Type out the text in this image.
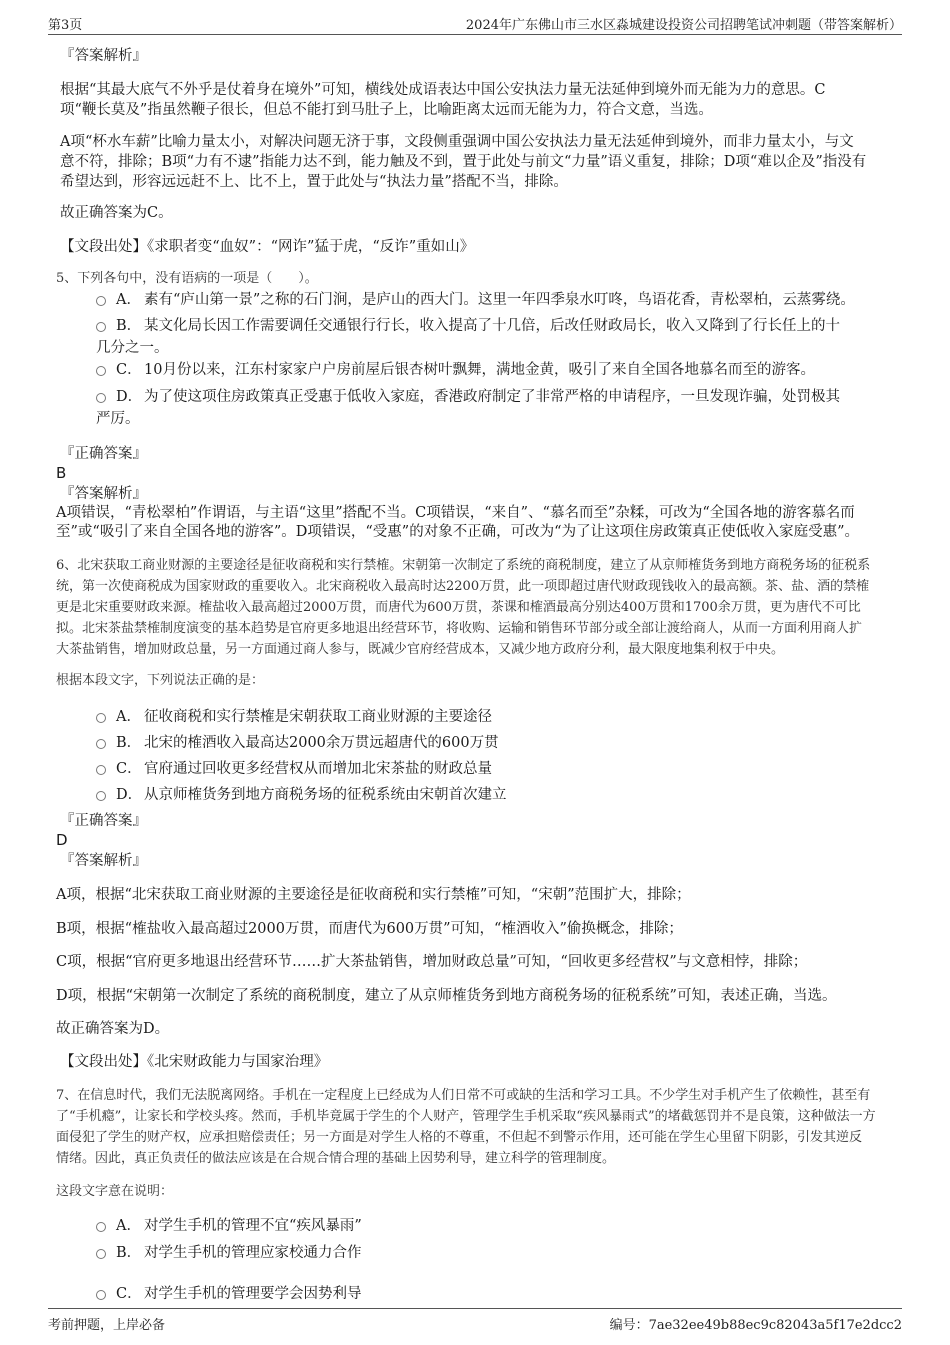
第3页	2024年广东佛山市三水区淼城建设投资公司招聘笔试冲刺题（带答案解析）
『答案解析』
根据“其最大底气不外乎是仗着身在境外”可知，横线处成语表达中国公安执法力量无法延伸到境外而无能为力的意思。C
项“鞭长莫及”指虽然鞭子很长，但总不能打到马肚子上，比喻距离太远而无能为力，符合文意，当选。
A项“杯水车薪”比喻力量太小，对解决问题无济于事，文段侧重强调中国公安执法力量无法延伸到境外，而非力量太小，与文
意不符，排除；B项“力有不逮”指能力达不到，能力触及不到，置于此处与前文“力量”语义重复，排除；D项“难以企及”指没有
希望达到，形容远远赶不上、比不上，置于此处与“执法力量”搭配不当，排除。
故正确答案为C。
【文段出处】《求职者变“血奴”：“网诈”猛于虎，“反诈”重如山》
5、下列各句中，没有语病的一项是（　　）。
A． 素有“庐山第一景”之称的石门涧，是庐山的西大门。这里一年四季泉水叮咚，鸟语花香，青松翠柏，云蒸雾绕。
B． 某文化局长因工作需要调任交通银行行长，收入提高了十几倍，后改任财政局长，收入又降到了行长任上的十
几分之一。
C． 10月份以来，江东村家家户户房前屋后银杏树叶飘舞，满地金黄，吸引了来自全国各地慕名而至的游客。
D． 为了使这项住房政策真正受惠于低收入家庭，香港政府制定了非常严格的申请程序，一旦发现诈骗，处罚极其
严厉。
『正确答案』
B
『答案解析』
A项错误，“青松翠柏”作谓语，与主语“这里”搭配不当。C项错误，“来自”、“慕名而至”杂糅，可改为“全国各地的游客慕名而
至”或“吸引了来自全国各地的游客”。D项错误，“受惠”的对象不正确，可改为“为了让这项住房政策真正使低收入家庭受惠”。
6、北宋获取工商业财源的主要途径是征收商税和实行禁榷。宋朝第一次制定了系统的商税制度，建立了从京师榷货务到地方商税务场的征税系
统，第一次使商税成为国家财政的重要收入。北宋商税收入最高时达2200万贯，此一项即超过唐代财政现钱收入的最高额。茶、盐、酒的禁榷
更是北宋重要财政来源。榷盐收入最高超过2000万贯，而唐代为600万贯，茶课和榷酒最高分别达400万贯和1700余万贯，更为唐代不可比
拟。北宋茶盐禁榷制度演变的基本趋势是官府更多地退出经营环节，将收购、运输和销售环节部分或全部让渡给商人，从而一方面利用商人扩
大茶盐销售，增加财政总量，另一方面通过商人参与，既减少官府经营成本，又减少地方政府分利，最大限度地集利权于中央。
根据本段文字，下列说法正确的是：
A． 征收商税和实行禁榷是宋朝获取工商业财源的主要途径
B． 北宋的榷酒收入最高达2000余万贯远超唐代的600万贯
C． 官府通过回收更多经营权从而增加北宋茶盐的财政总量
D． 从京师榷货务到地方商税务场的征税系统由宋朝首次建立
『正确答案』
D
『答案解析』
A项，根据“北宋获取工商业财源的主要途径是征收商税和实行禁榷”可知，“宋朝”范围扩大，排除；
B项，根据“榷盐收入最高超过2000万贯，而唐代为600万贯”可知，“榷酒收入”偷换概念，排除；
C项，根据“官府更多地退出经营环节……扩大茶盐销售，增加财政总量”可知，“回收更多经营权”与文意相悖，排除；
D项，根据“宋朝第一次制定了系统的商税制度，建立了从京师榷货务到地方商税务场的征税系统”可知，表述正确，当选。
故正确答案为D。
【文段出处】《北宋财政能力与国家治理》
7、在信息时代，我们无法脱离网络。手机在一定程度上已经成为人们日常不可或缺的生活和学习工具。不少学生对手机产生了依赖性，甚至有
了“手机瘾”，让家长和学校头疼。然而，手机毕竟属于学生的个人财产，管理学生手机采取“疾风暴雨式”的堵截惩罚并不是良策，这种做法一方
面侵犯了学生的财产权，应承担赔偿责任；另一方面是对学生人格的不尊重，不但起不到警示作用，还可能在学生心里留下阴影，引发其逆反
情绪。因此，真正负责任的做法应该是在合规合情合理的基础上因势利导，建立科学的管理制度。
这段文字意在说明：
A． 对学生手机的管理不宜“疾风暴雨”
B． 对学生手机的管理应家校通力合作
C． 对学生手机的管理要学会因势利导
考前押题，上岸必备	编号：7ae32ee49b88ec9c82043a5f17e2dcc2
